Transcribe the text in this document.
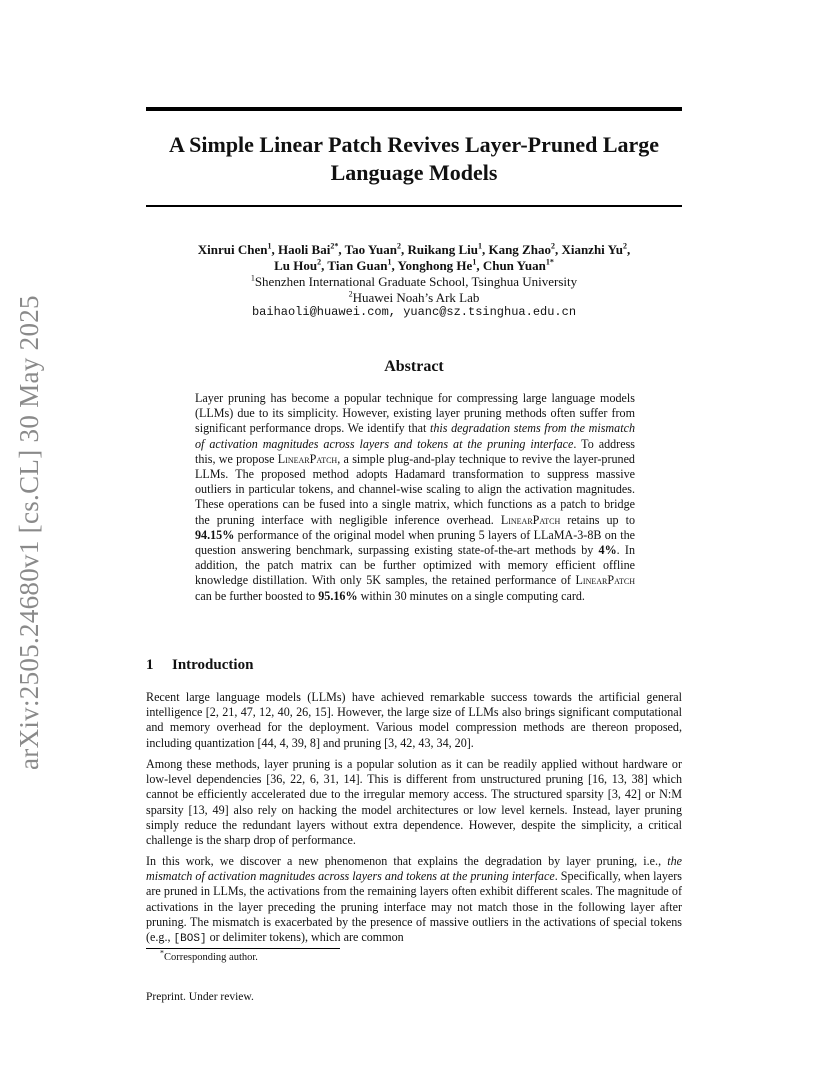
A Simple Linear Patch Revives Layer-Pruned Large Language Models
arXiv:2505.24680v1 [cs.CL] 30 May 2025
Xinrui Chen$^1$, Haoli Bai$^{2*}$, Tao Yuan$^2$, Ruikang Liu$^1$, Kang Zhao$^2$, Xianzhi Yu$^2$,
Lu Hou$^2$, Tian Guan$^1$, Yonghong He$^1$, Chun Yuan$^{1*}$
$^1$Shenzhen International Graduate School, Tsinghua University
$^2$Huawei Noah’s Ark Lab
baihaoli@huawei.com, yuanc@sz.tsinghua.edu.cn
Abstract
Layer pruning has become a popular technique for compressing large language models (LLMs) due to its simplicity. However, existing layer pruning methods often suffer from significant performance drops. We identify that this degradation stems from the mismatch of activation magnitudes across layers and tokens at the pruning interface. To address this, we propose LinearPatch, a simple plug-and-play technique to revive the layer-pruned LLMs. The proposed method adopts Hadamard transformation to suppress massive outliers in particular tokens, and channel-wise scaling to align the activation magnitudes. These operations can be fused into a single matrix, which functions as a patch to bridge the pruning interface with negligible inference overhead. LinearPatch retains up to 94.15% performance of the original model when pruning 5 layers of LLaMA-3-8B on the question answering benchmark, surpassing existing state-of-the-art methods by 4%. In addition, the patch matrix can be further optimized with memory efficient offline knowledge distillation. With only 5K samples, the retained performance of LinearPatch can be further boosted to 95.16% within 30 minutes on a single computing card.
1 Introduction
Recent large language models (LLMs) have achieved remarkable success towards the artificial general intelligence [2, 21, 47, 12, 40, 26, 15]. However, the large size of LLMs also brings significant computational and memory overhead for the deployment. Various model compression methods are thereon proposed, including quantization [44, 4, 39, 8] and pruning [3, 42, 43, 34, 20].
Among these methods, layer pruning is a popular solution as it can be readily applied without hardware or low-level dependencies [36, 22, 6, 31, 14]. This is different from unstructured pruning [16, 13, 38] which cannot be efficiently accelerated due to the irregular memory access. The structured sparsity [3, 42] or N:M sparsity [13, 49] also rely on hacking the model architectures or low level kernels. Instead, layer pruning simply reduce the redundant layers without extra dependence. However, despite the simplicity, a critical challenge is the sharp drop of performance.
In this work, we discover a new phenomenon that explains the degradation by layer pruning, i.e., the mismatch of activation magnitudes across layers and tokens at the pruning interface. Specifically, when layers are pruned in LLMs, the activations from the remaining layers often exhibit different scales. The magnitude of activations in the layer preceding the pruning interface may not match those in the following layer after pruning. The mismatch is exacerbated by the presence of massive outliers in the activations of special tokens (e.g., [BOS] or delimiter tokens), which are common
*Corresponding author.
Preprint. Under review.
